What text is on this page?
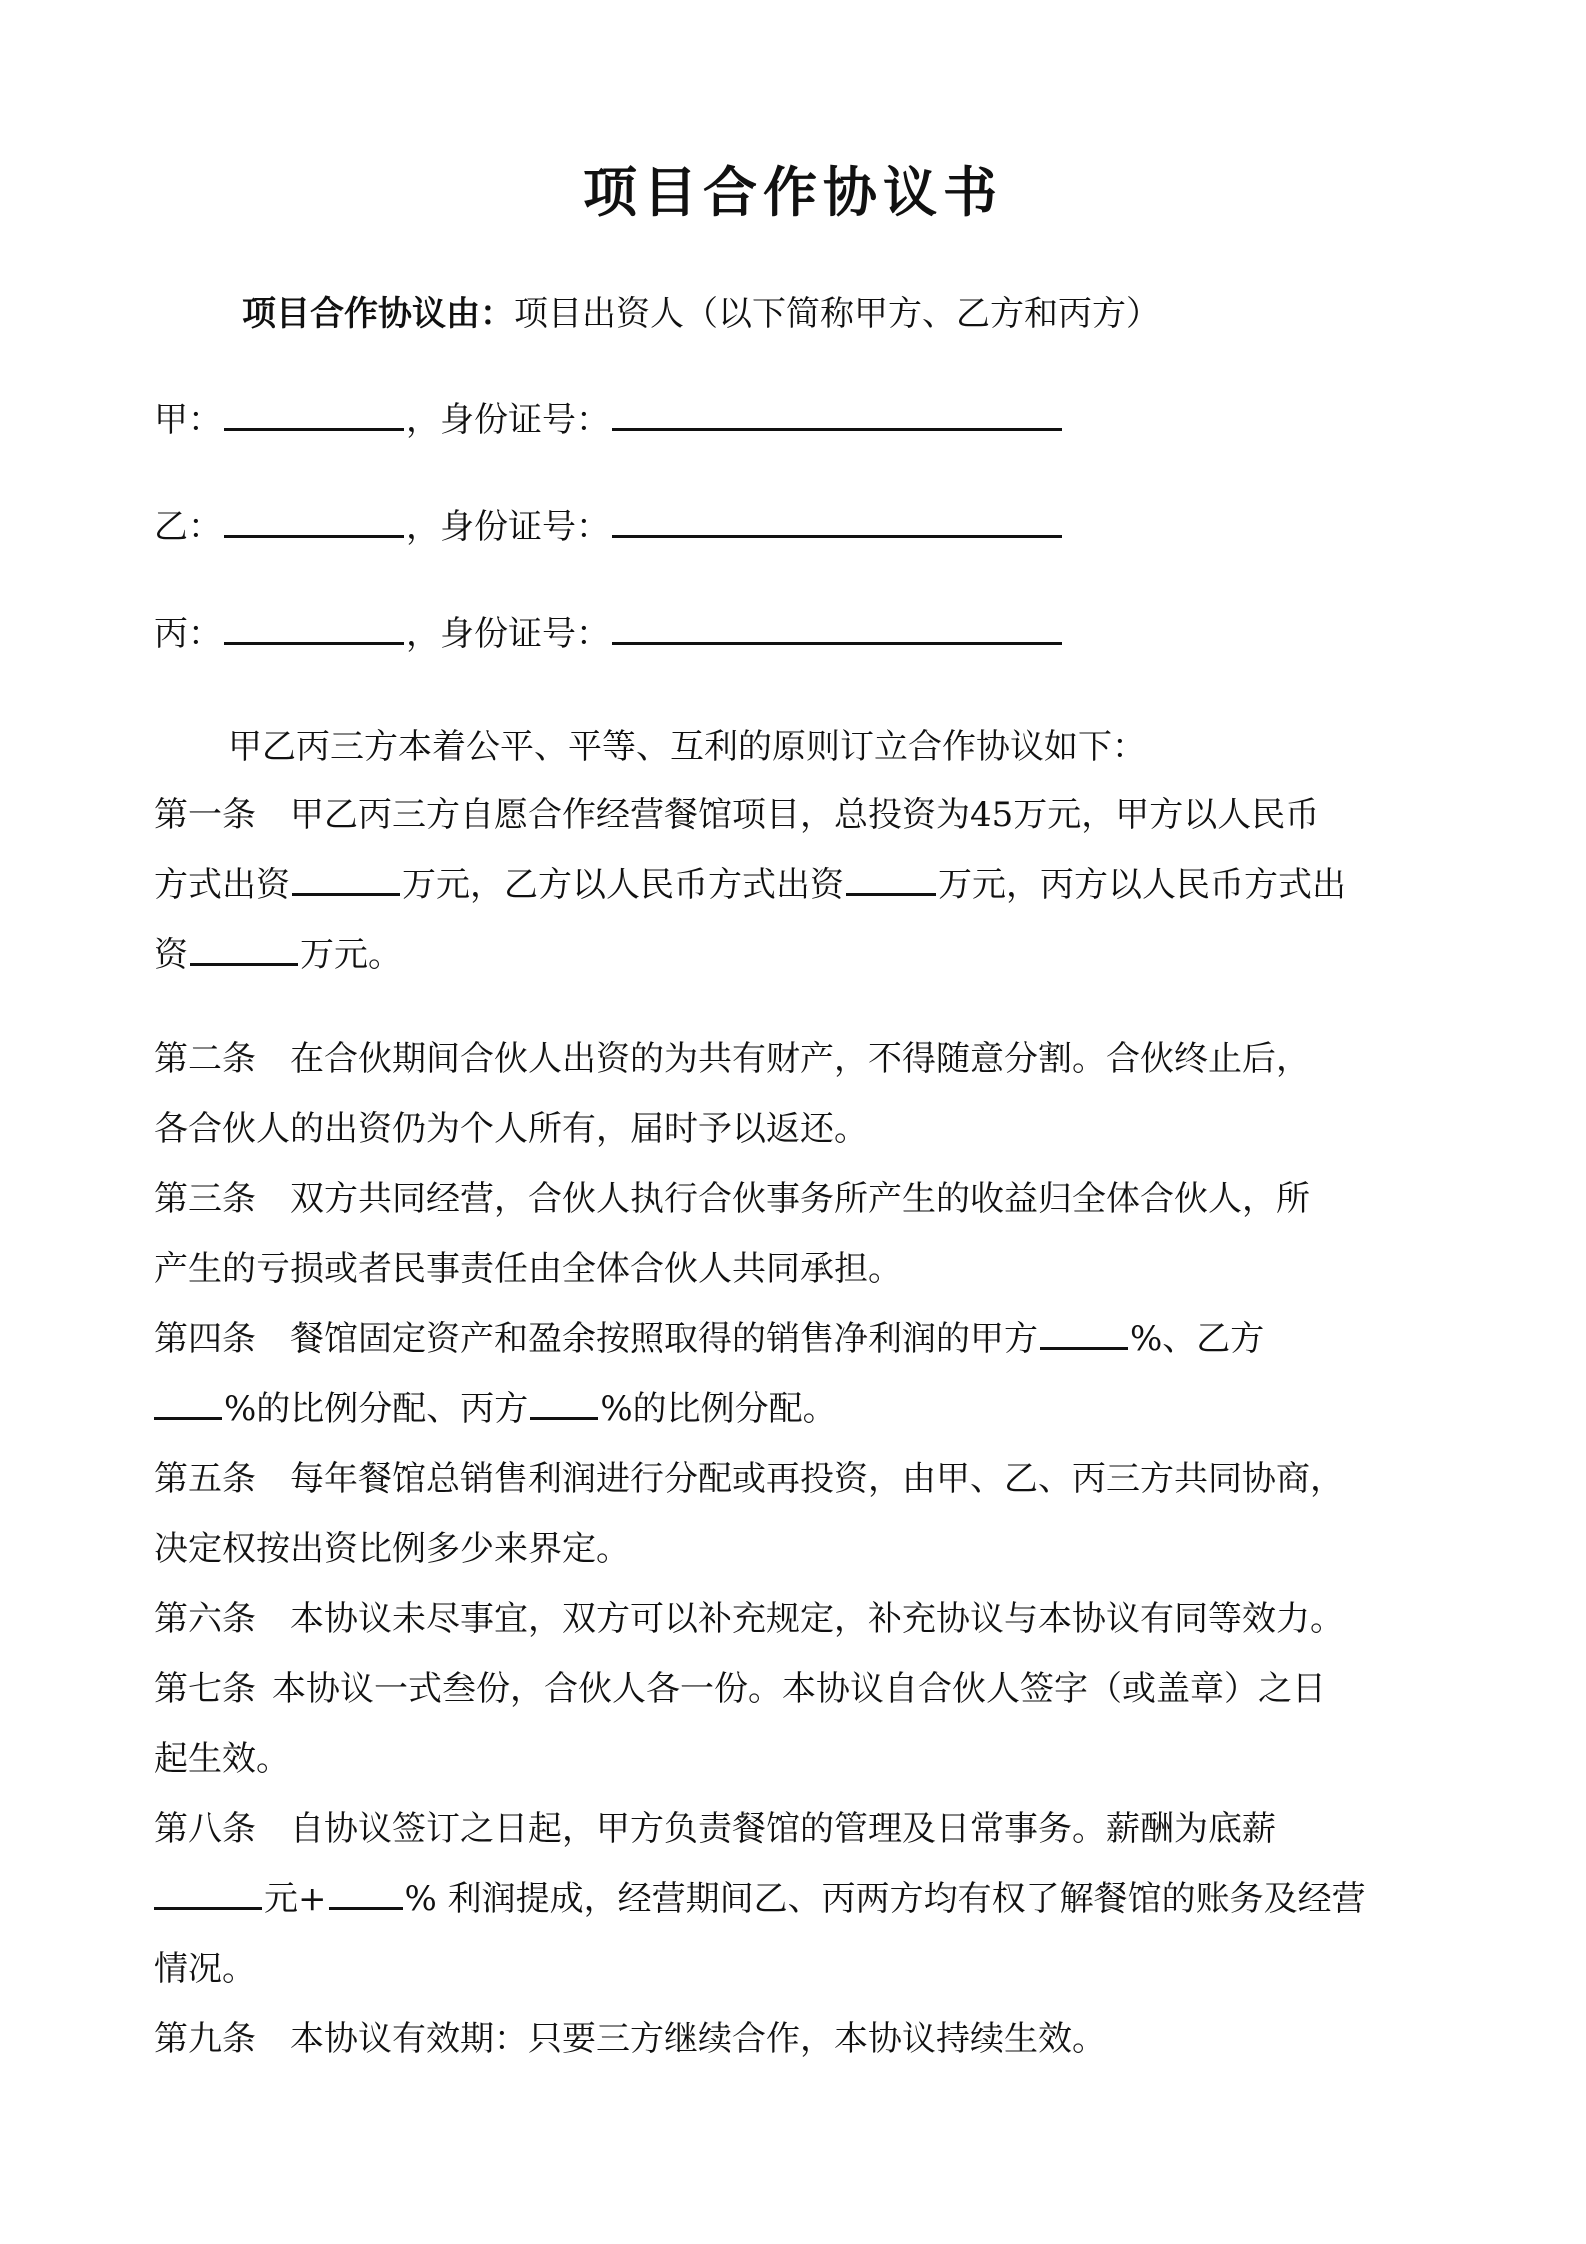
项目合作协议书
项目合作协议由：项目出资人（以下简称甲方、乙方和丙方）
甲：	，身份证号：
乙：	，身份证号：
丙：	，身份证号：
甲乙丙三方本着公平、平等、互利的原则订立合作协议如下：
第一条 甲乙丙三方自愿合作经营餐馆项目，总投资为45万元，甲方以人民币
方式出资	万元，乙方以人民币方式出资	万元，丙方以人民币方式出
资	万元。
第二条 在合伙期间合伙人出资的为共有财产，不得随意分割。合伙终止后，
各合伙人的出资仍为个人所有，届时予以返还。
第三条 双方共同经营，合伙人执行合伙事务所产生的收益归全体合伙人，所
产生的亏损或者民事责任由全体合伙人共同承担。
第四条 餐馆固定资产和盈余按照取得的销售净利润的甲方	%、乙方
%的比例分配、丙方 %的比例分配。
第五条 每年餐馆总销售利润进行分配或再投资，由甲、乙、丙三方共同协商，
决定权按出资比例多少来界定。
第六条 本协议未尽事宜，双方可以补充规定，补充协议与本协议有同等效力。
第七条 本协议一式叁份，合伙人各一份。本协议自合伙人签字（或盖章）之日
起生效。
第八条 自协议签订之日起，甲方负责餐馆的管理及日常事务。薪酬为底薪
元+ % 利润提成，经营期间乙、丙两方均有权了解餐馆的账务及经营
情况。
第九条 本协议有效期：只要三方继续合作，本协议持续生效。
